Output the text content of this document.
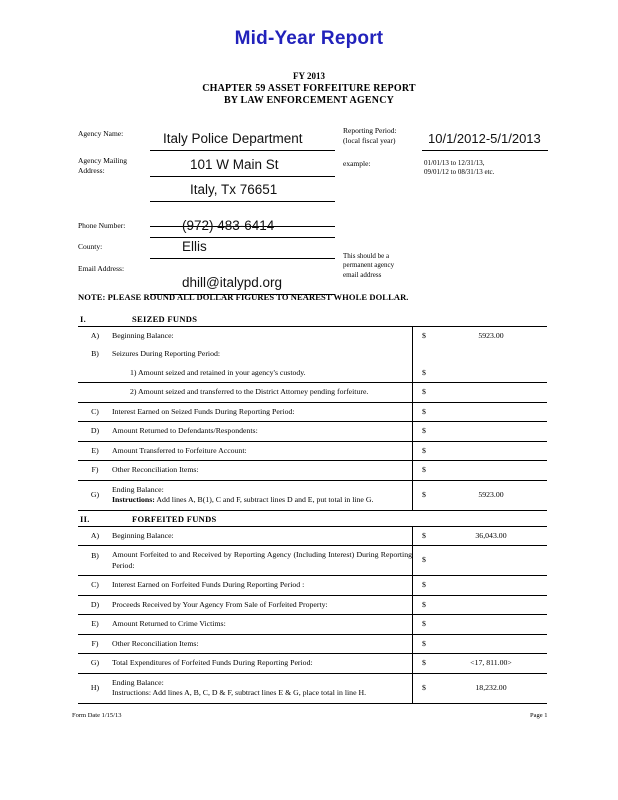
Mid-Year Report
FY 2013
CHAPTER 59 ASSET FORFEITURE REPORT
BY LAW ENFORCEMENT AGENCY
Agency Name:	Italy Police Department
Agency Mailing
Address:	101 W Main St
Italy, Tx 76651
Phone Number:	(972) 483-6414
County:	Ellis
Email Address:
dhill@italypd.org
Reporting Period:
(local fiscal year)	10/1/2012-5/1/2013
example:	01/01/13 to 12/31/13,
09/01/12 to 08/31/13 etc.
This should be a
permanent agency
email address
NOTE: PLEASE ROUND ALL DOLLAR FIGURES TO NEAREST WHOLE DOLLAR.
I.	SEIZED FUNDS
A)	Beginning Balance:	$	5923.00
B)	Seizures During Reporting Period:		

	1) Amount seized and retained in your agency's custody.	$	

	2) Amount seized and transferred to the District Attorney pending forfeiture.	$	
C)	Interest Earned on Seized Funds During Reporting Period:	$	
D)	Amount Returned to Defendants/Respondents:	$	
E)	Amount Transferred to Forfeiture Account:	$	
F)	Other Reconciliation Items:	$	
G)	Ending Balance:
Instructions: Add lines A, B(1), C and F, subtract lines D and E, put total in line G.	$	5923.00
II.	FORFEITED FUNDS
A)	Beginning Balance:	$	36,043.00
B)	Amount Forfeited to and Received by Reporting Agency (Including Interest) During Reporting Period:	$	
C)	Interest Earned on Forfeited Funds During Reporting Period :	$	
D)	Proceeds Received by Your Agency From Sale of Forfeited Property:	$	
E)	Amount Returned to Crime Victims:	$	
F)	Other Reconciliation Items:	$	
G)	Total Expenditures of Forfeited Funds During Reporting Period:	$	<17, 811.00>
H)	Ending Balance:
Instructions: Add lines A, B, C, D & F, subtract lines E & G, place total in line H.	$	18,232.00
Form Date 1/15/13	Page 1
